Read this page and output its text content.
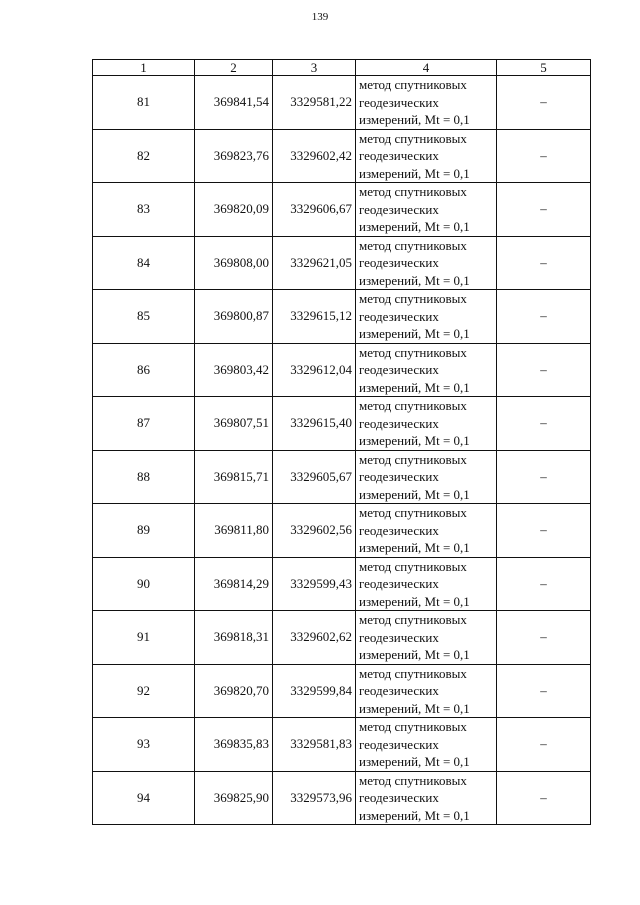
139
1	2	3	4	5
81	369841,54	3329581,22	метод спутниковых
геодезических
измерений, Mt = 0,1	–
82	369823,76	3329602,42	метод спутниковых
геодезических
измерений, Mt = 0,1	–
83	369820,09	3329606,67	метод спутниковых
геодезических
измерений, Mt = 0,1	–
84	369808,00	3329621,05	метод спутниковых
геодезических
измерений, Mt = 0,1	–
85	369800,87	3329615,12	метод спутниковых
геодезических
измерений, Mt = 0,1	–
86	369803,42	3329612,04	метод спутниковых
геодезических
измерений, Mt = 0,1	–
87	369807,51	3329615,40	метод спутниковых
геодезических
измерений, Mt = 0,1	–
88	369815,71	3329605,67	метод спутниковых
геодезических
измерений, Mt = 0,1	–
89	369811,80	3329602,56	метод спутниковых
геодезических
измерений, Mt = 0,1	–
90	369814,29	3329599,43	метод спутниковых
геодезических
измерений, Mt = 0,1	–
91	369818,31	3329602,62	метод спутниковых
геодезических
измерений, Mt = 0,1	–
92	369820,70	3329599,84	метод спутниковых
геодезических
измерений, Mt = 0,1	–
93	369835,83	3329581,83	метод спутниковых
геодезических
измерений, Mt = 0,1	–
94	369825,90	3329573,96	метод спутниковых
геодезических
измерений, Mt = 0,1	–
